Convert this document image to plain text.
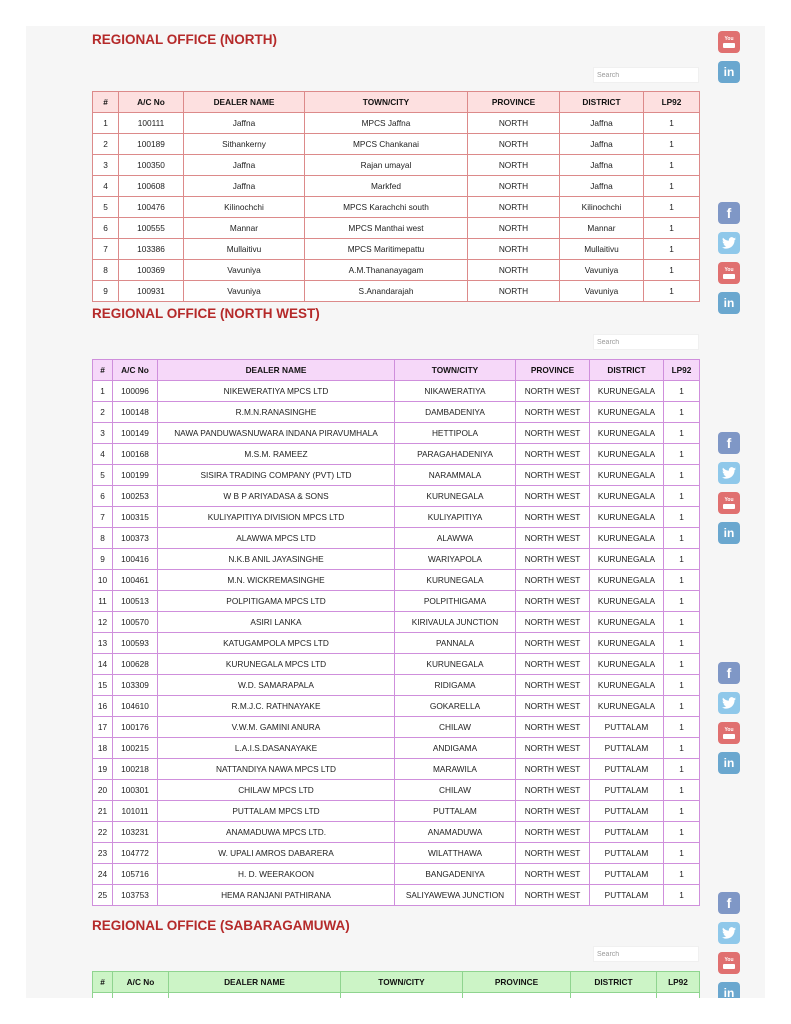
REGIONAL OFFICE (NORTH)
Search
#	A/C No	DEALER NAME	TOWN/CITY	PROVINCE	DISTRICT	LP92
1	100111	Jaffna	MPCS Jaffna	NORTH	Jaffna	1
2	100189	Sithankerny	MPCS Chankanai	NORTH	Jaffna	1
3	100350	Jaffna	Rajan umayal	NORTH	Jaffna	1
4	100608	Jaffna	Markfed	NORTH	Jaffna	1
5	100476	Kilinochchi	MPCS Karachchi south	NORTH	Kilinochchi	1
6	100555	Mannar	MPCS Manthai west	NORTH	Mannar	1
7	103386	Mullaitivu	MPCS Maritimepattu	NORTH	Mullaitivu	1
8	100369	Vavuniya	A.M.Thananayagam	NORTH	Vavuniya	1
9	100931	Vavuniya	S.Anandarajah	NORTH	Vavuniya	1
REGIONAL OFFICE (NORTH WEST)
Search
#	A/C No	DEALER NAME	TOWN/CITY	PROVINCE	DISTRICT	LP92
1	100096	NIKEWERATIYA MPCS LTD	NIKAWERATIYA	NORTH WEST	KURUNEGALA	1
2	100148	R.M.N.RANASINGHE	DAMBADENIYA	NORTH WEST	KURUNEGALA	1
3	100149	NAWA PANDUWASNUWARA INDANA PIRAVUMHALA	HETTIPOLA	NORTH WEST	KURUNEGALA	1
4	100168	M.S.M. RAMEEZ	PARAGAHADENIYA	NORTH WEST	KURUNEGALA	1
5	100199	SISIRA TRADING COMPANY (PVT) LTD	NARAMMALA	NORTH WEST	KURUNEGALA	1
6	100253	W B P ARIYADASA & SONS	KURUNEGALA	NORTH WEST	KURUNEGALA	1
7	100315	KULIYAPITIYA DIVISION MPCS LTD	KULIYAPITIYA	NORTH WEST	KURUNEGALA	1
8	100373	ALAWWA MPCS LTD	ALAWWA	NORTH WEST	KURUNEGALA	1
9	100416	N.K.B ANIL JAYASINGHE	WARIYAPOLA	NORTH WEST	KURUNEGALA	1
10	100461	M.N. WICKREMASINGHE	KURUNEGALA	NORTH WEST	KURUNEGALA	1
11	100513	POLPITIGAMA MPCS LTD	POLPITHIGAMA	NORTH WEST	KURUNEGALA	1
12	100570	ASIRI LANKA	KIRIVAULA JUNCTION	NORTH WEST	KURUNEGALA	1
13	100593	KATUGAMPOLA MPCS LTD	PANNALA	NORTH WEST	KURUNEGALA	1
14	100628	KURUNEGALA MPCS LTD	KURUNEGALA	NORTH WEST	KURUNEGALA	1
15	103309	W.D. SAMARAPALA	RIDIGAMA	NORTH WEST	KURUNEGALA	1
16	104610	R.M.J.C. RATHNAYAKE	GOKARELLA	NORTH WEST	KURUNEGALA	1
17	100176	V.W.M. GAMINI ANURA	CHILAW	NORTH WEST	PUTTALAM	1
18	100215	L.A.I.S.DASANAYAKE	ANDIGAMA	NORTH WEST	PUTTALAM	1
19	100218	NATTANDIYA NAWA MPCS LTD	MARAWILA	NORTH WEST	PUTTALAM	1
20	100301	CHILAW MPCS LTD	CHILAW	NORTH WEST	PUTTALAM	1
21	101011	PUTTALAM MPCS LTD	PUTTALAM	NORTH WEST	PUTTALAM	1
22	103231	ANAMADUWA MPCS LTD.	ANAMADUWA	NORTH WEST	PUTTALAM	1
23	104772	W. UPALI AMROS DABARERA	WILATTHAWA	NORTH WEST	PUTTALAM	1
24	105716	H. D. WEERAKOON	BANGADENIYA	NORTH WEST	PUTTALAM	1
25	103753	HEMA RANJANI PATHIRANA	SALIYAWEWA JUNCTION	NORTH WEST	PUTTALAM	1
REGIONAL OFFICE (SABARAGAMUWA)
Search
#	A/C No	DEALER NAME	TOWN/CITY	PROVINCE	DISTRICT	LP92

You
in
f
You
in
f
You
in
f
You
in
f
You
in
